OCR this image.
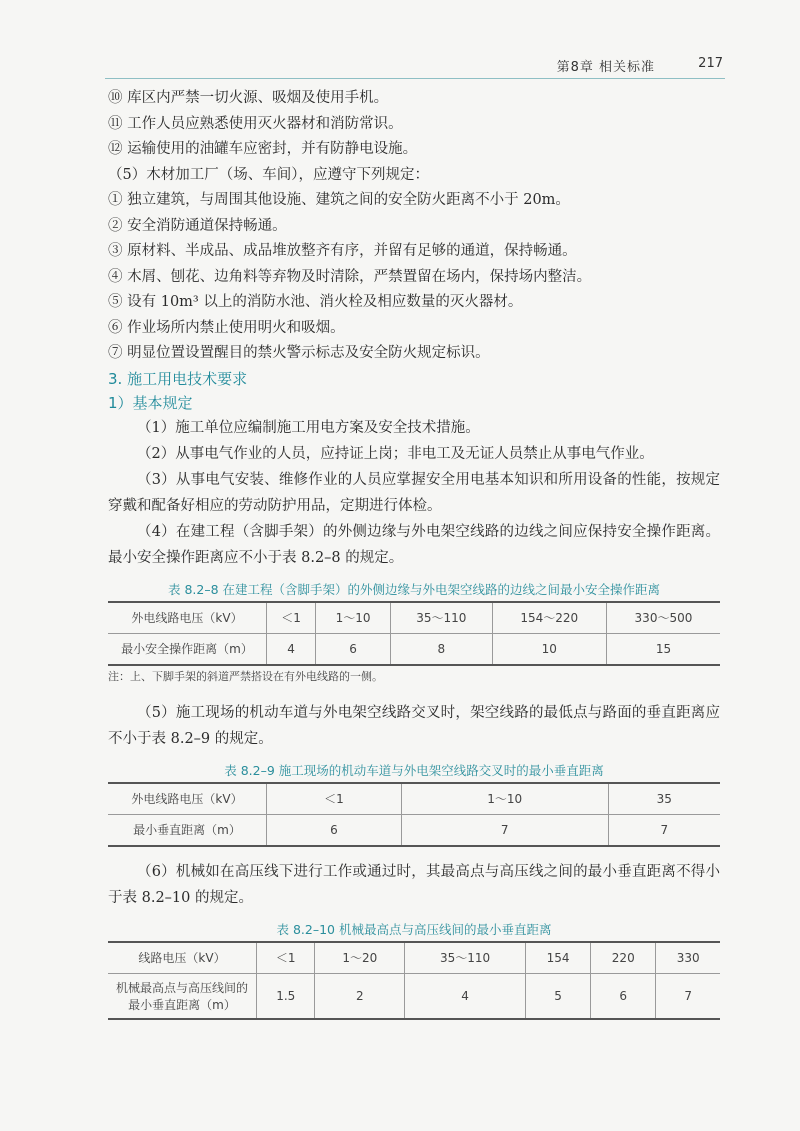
第8章 相关标准	217
⑩ 库区内严禁一切火源、吸烟及使用手机。
⑪ 工作人员应熟悉使用灭火器材和消防常识。
⑫ 运输使用的油罐车应密封，并有防静电设施。
（5）木材加工厂（场、车间），应遵守下列规定：
① 独立建筑，与周围其他设施、建筑之间的安全防火距离不小于 20m。
② 安全消防通道保持畅通。
③ 原材料、半成品、成品堆放整齐有序，并留有足够的通道，保持畅通。
④ 木屑、刨花、边角料等弃物及时清除，严禁置留在场内，保持场内整洁。
⑤ 设有 10m³ 以上的消防水池、消火栓及相应数量的灭火器材。
⑥ 作业场所内禁止使用明火和吸烟。
⑦ 明显位置设置醒目的禁火警示标志及安全防火规定标识。
3. 施工用电技术要求
1）基本规定
（1）施工单位应编制施工用电方案及安全技术措施。
（2）从事电气作业的人员，应持证上岗；非电工及无证人员禁止从事电气作业。
（3）从事电气安装、维修作业的人员应掌握安全用电基本知识和所用设备的性能，按规定穿戴和配备好相应的劳动防护用品，定期进行体检。
（4）在建工程（含脚手架）的外侧边缘与外电架空线路的边线之间应保持安全操作距离。最小安全操作距离应不小于表 8.2–8 的规定。
表 8.2–8 在建工程（含脚手架）的外侧边缘与外电架空线路的边线之间最小安全操作距离
外电线路电压（kV）	＜1	1～10	35～110	154～220	330～500
最小安全操作距离（m）	4	6	8	10	15
注：上、下脚手架的斜道严禁搭设在有外电线路的一侧。
（5）施工现场的机动车道与外电架空线路交叉时，架空线路的最低点与路面的垂直距离应不小于表 8.2–9 的规定。
表 8.2–9 施工现场的机动车道与外电架空线路交叉时的最小垂直距离
外电线路电压（kV）	＜1	1～10	35
最小垂直距离（m）	6	7	7
（6）机械如在高压线下进行工作或通过时，其最高点与高压线之间的最小垂直距离不得小于表 8.2–10 的规定。
表 8.2–10 机械最高点与高压线间的最小垂直距离
线路电压（kV）	＜1	1～20	35～110	154	220	330
机械最高点与高压线间的最小垂直距离（m）	1.5	2	4	5	6	7
